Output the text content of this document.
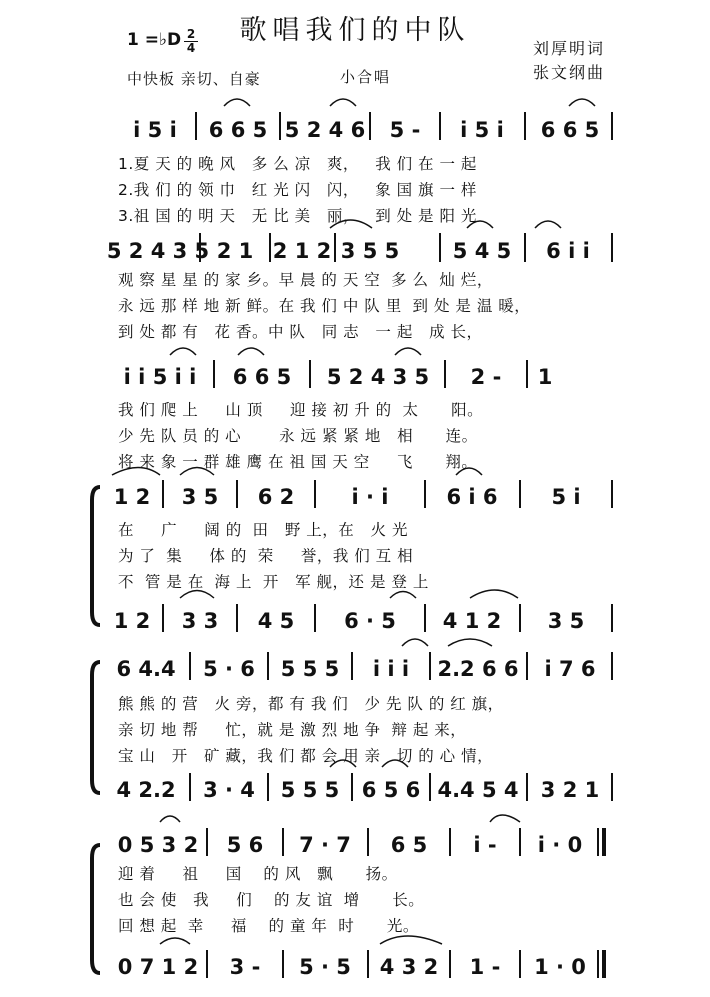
歌唱我们的中队
1 =♭D 2
4	刘厚明词
张文纲曲
中快板 亲切、自豪	小合唱
i 5 i 6 6 5 5 2 4 6 5 - i 5 i 6 6 5
5 2 4 3 5 2 1 2 1 2 3 5 5	5 4 5 6 i i
i i 5 i i 6 6 5 5 2 4 3 5 2 - 1
1 2 3 5 6 2	i · i	6 i 6	5 i
1 2 3 3 4 5 6 · 5 4 1 2 3 5
6 4.4 5 · 6 5 5 5 i i i 2.2 6 6 i 7 6
4 2.2 3 · 4 5 5 5 6 5 6 4.4 5 4 3 2 1
0 5 3 2 5 6 7 · 7 6 5 i - i · 0
0 7 1 2 3 - 5 · 5 4 3 2 1 - 1 · 0
1.夏 天 的 晚 风   多 么 凉   爽，   我 们 在 一 起
2.我 们 的 领 巾   红 光 闪   闪，   象 国 旗 一 样
3.祖 国 的 明 天   无 比 美   丽，   到 处 是 阳 光
观 察 星 星 的 家 乡。早 晨 的 天 空  多 么  灿 烂，
永 远 那 样 地 新 鲜。在 我 们 中 队 里  到 处 是 温 暖，
到 处 都 有   花 香。中 队   同 志   一 起   成 长，
我 们 爬 上     山 顶     迎 接 初 升 的  太      阳。
少 先 队 员 的 心       永 远 紧 紧 地   相      连。
将 来 象 一 群 雄 鹰 在 祖 国 天 空     飞      翔。
在     广     阔 的  田   野 上，在   火 光
为 了  集     体 的  荣     誉，我 们 互 相
不  管 是 在  海 上  开   军 舰，还 是 登 上
熊 熊 的 营   火 旁，都 有 我 们   少 先 队 的 红 旗，
亲 切 地 帮     忙，就 是 激 烈 地 争  辩 起 来，
宝 山   开   矿 藏，我 们 都 会 用 亲   切 的 心 情，
迎 着     祖     国    的 风   飘      扬。
也 会 使   我     们    的 友 谊  增      长。
回 想 起  幸     福    的 童 年  时      光。
